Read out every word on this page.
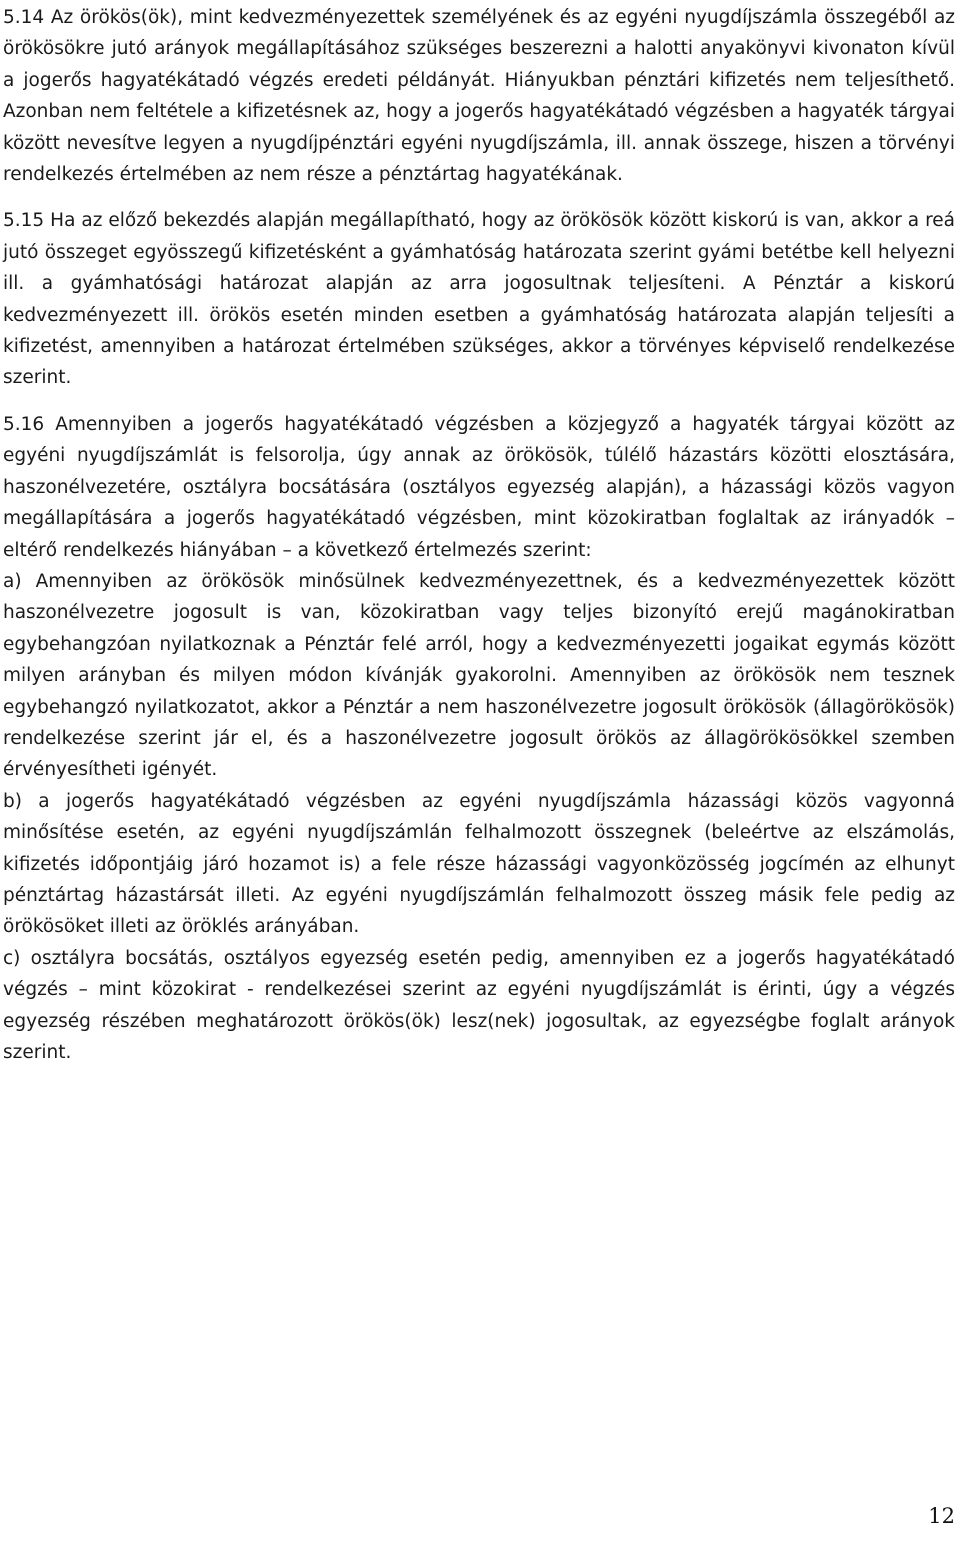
5.14 Az örökös(ök), mint kedvezményezettek személyének és az egyéni nyugdíjszámla összegéből az örökösökre jutó arányok megállapításához szükséges beszerezni a halotti anyakönyvi kivonaton kívül a jogerős hagyatékátadó végzés eredeti példányát. Hiányukban pénztári kifizetés nem teljesíthető. Azonban nem feltétele a kifizetésnek az, hogy a jogerős hagyatékátadó végzésben a hagyaték tárgyai között nevesítve legyen a nyugdíjpénztári egyéni nyugdíjszámla, ill. annak összege, hiszen a törvényi rendelkezés értelmében az nem része a pénztártag hagyatékának.

5.15 Ha az előző bekezdés alapján megállapítható, hogy az örökösök között kiskorú is van, akkor a reá jutó összeget egyösszegű kifizetésként a gyámhatóság határozata szerint gyámi betétbe kell helyezni ill. a gyámhatósági határozat alapján az arra jogosultnak teljesíteni. A Pénztár a kiskorú kedvezményezett ill. örökös esetén minden esetben a gyámhatóság határozata alapján teljesíti a kifizetést, amennyiben a határozat értelmében szükséges, akkor a törvényes képviselő rendelkezése szerint.

5.16 Amennyiben a jogerős hagyatékátadó végzésben a közjegyző a hagyaték tárgyai között az egyéni nyugdíjszámlát is felsorolja, úgy annak az örökösök, túlélő házastárs közötti elosztására, haszonélvezetére, osztályra bocsátására (osztályos egyezség alapján), a házassági közös vagyon megállapítására a jogerős hagyatékátadó végzésben, mint közokiratban foglaltak az irányadók – eltérő rendelkezés hiányában – a következő értelmezés szerint:

a) Amennyiben az örökösök minősülnek kedvezményezettnek, és a kedvezményezettek között haszonélvezetre jogosult is van, közokiratban vagy teljes bizonyító erejű magánokiratban egybehangzóan nyilatkoznak a Pénztár felé arról, hogy a kedvezményezetti jogaikat egymás között milyen arányban és milyen módon kívánják gyakorolni. Amennyiben az örökösök nem tesznek egybehangzó nyilatkozatot, akkor a Pénztár a nem haszonélvezetre jogosult örökösök (állagörökösök) rendelkezése szerint jár el, és a haszonélvezetre jogosult örökös az állagörökösökkel szemben érvényesítheti igényét.

b) a jogerős hagyatékátadó végzésben az egyéni nyugdíjszámla házassági közös vagyonná minősítése esetén, az egyéni nyugdíjszámlán felhalmozott összegnek (beleértve az elszámolás, kifizetés időpontjáig járó hozamot is) a fele része házassági vagyonközösség jogcímén az elhunyt pénztártag házastársát illeti. Az egyéni nyugdíjszámlán felhalmozott összeg másik fele pedig az örökösöket illeti az öröklés arányában.

c) osztályra bocsátás, osztályos egyezség esetén pedig, amennyiben ez a jogerős hagyatékátadó végzés – mint közokirat - rendelkezései szerint az egyéni nyugdíjszámlát is érinti, úgy a végzés egyezség részében meghatározott örökös(ök) lesz(nek) jogosultak, az egyezségbe foglalt arányok szerint.

12
